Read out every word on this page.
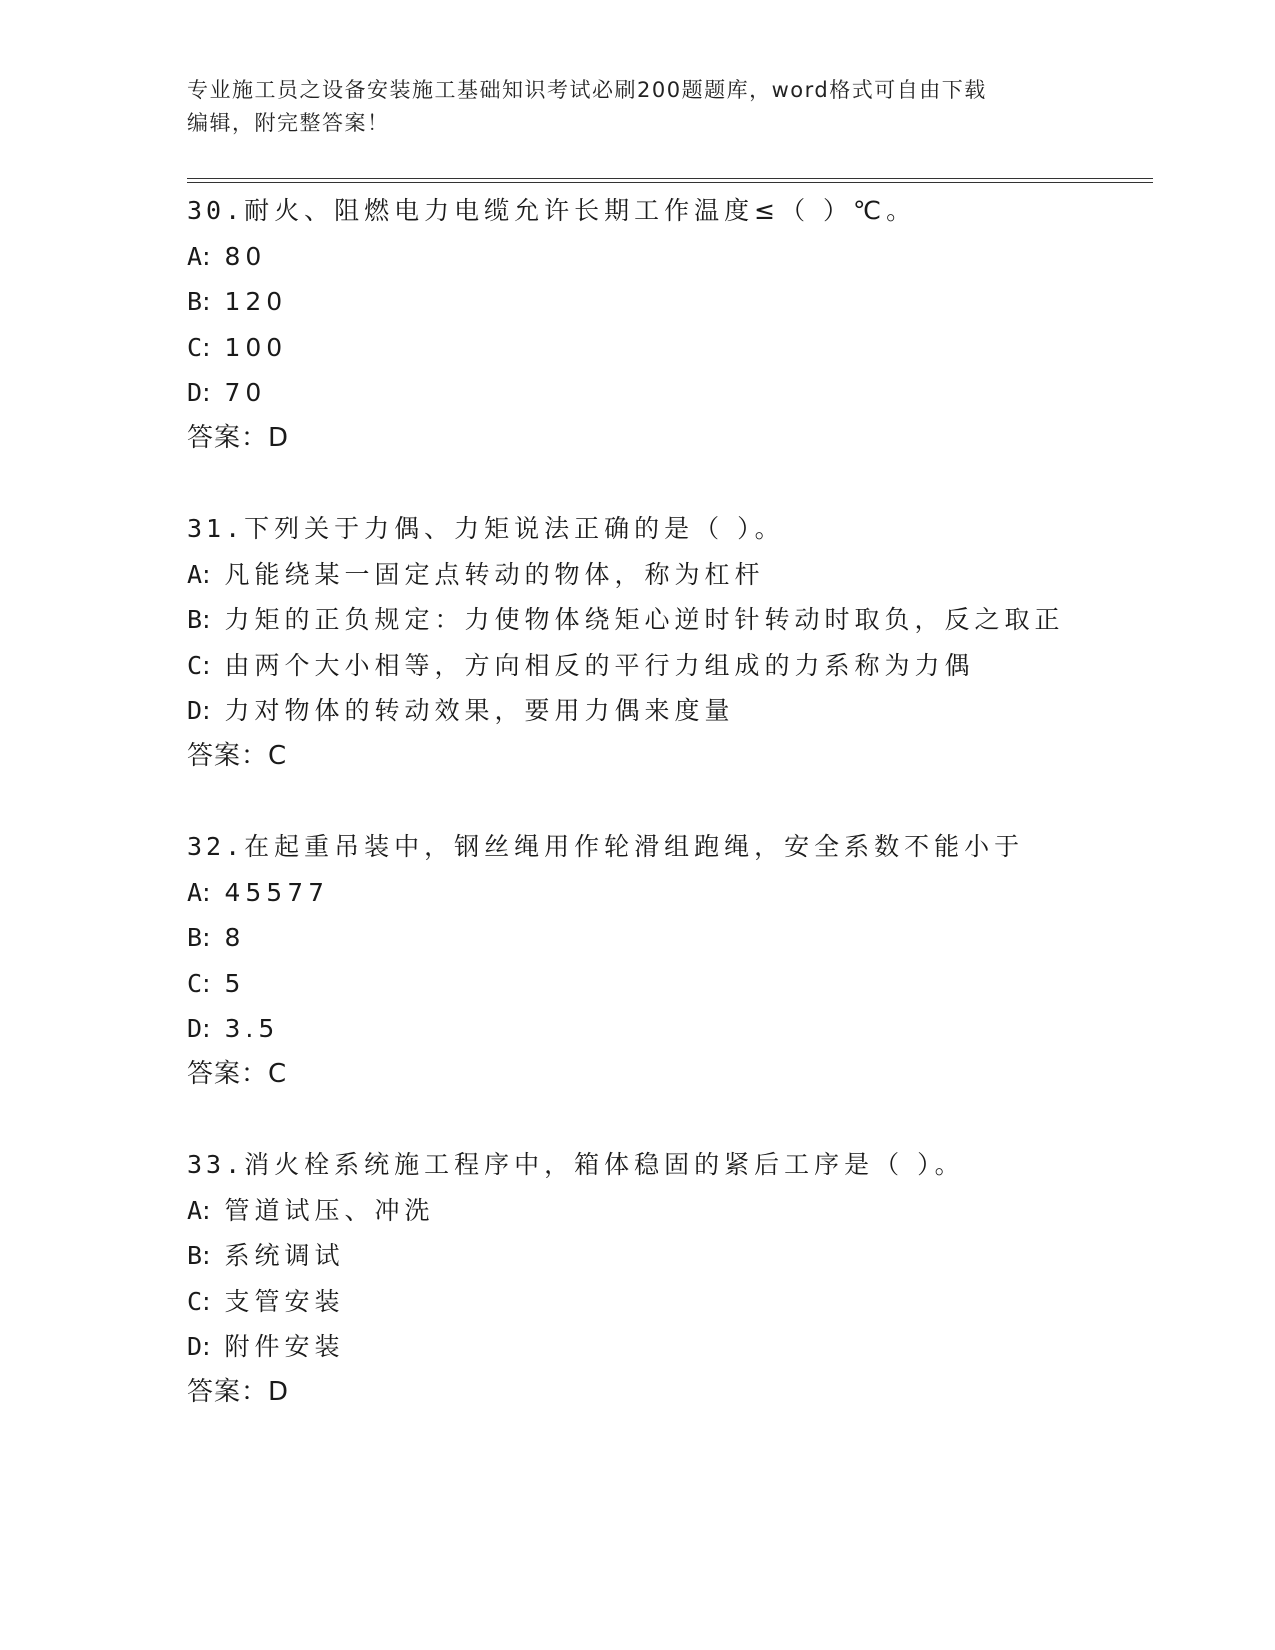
专业施工员之设备安装施工基础知识考试必刷200题题库，word格式可自由下载
编辑，附完整答案！
30.耐火、阻燃电力电缆允许长期工作温度≤（ ）℃。
A: 80
B: 120
C: 100
D: 70
答案：D
31.下列关于力偶、力矩说法正确的是（ ）。
A: 凡能绕某一固定点转动的物体，称为杠杆
B: 力矩的正负规定：力使物体绕矩心逆时针转动时取负，反之取正
C: 由两个大小相等，方向相反的平行力组成的力系称为力偶
D: 力对物体的转动效果，要用力偶来度量
答案：C
32.在起重吊装中，钢丝绳用作轮滑组跑绳，安全系数不能小于
A: 45577
B: 8
C: 5
D: 3.5
答案：C
33.消火栓系统施工程序中，箱体稳固的紧后工序是（ ）。
A: 管道试压、冲洗
B: 系统调试
C: 支管安装
D: 附件安装
答案：D
